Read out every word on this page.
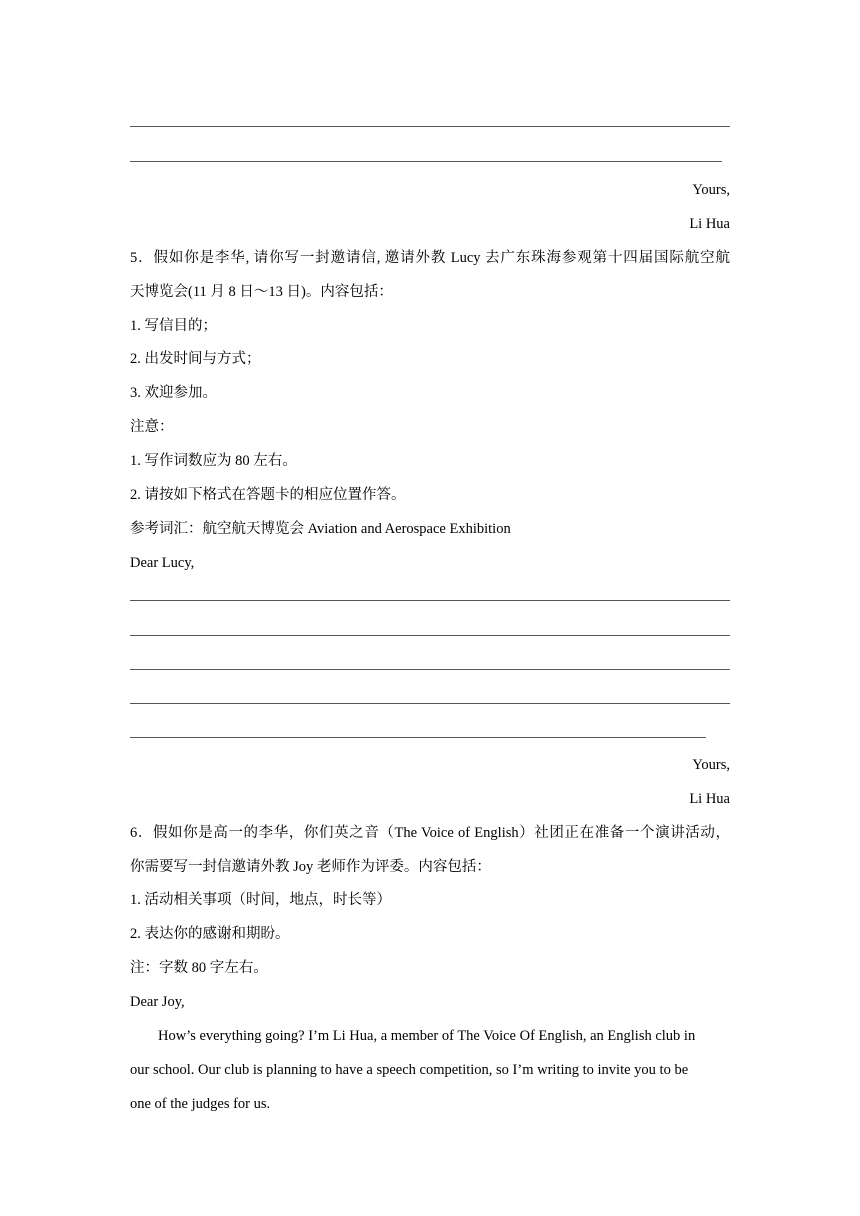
Yours,
Li Hua
5．假如你是李华, 请你写一封邀请信, 邀请外教 Lucy 去广东珠海参观第十四届国际航空航
天博览会(11 月 8 日～13 日)。内容包括：
1. 写信目的；
2. 出发时间与方式；
3. 欢迎参加。
注意：
1. 写作词数应为 80 左右。
2. 请按如下格式在答题卡的相应位置作答。
参考词汇：航空航天博览会 Aviation and Aerospace Exhibition
Dear Lucy,
Yours,
Li Hua
6．假如你是高一的李华，你们英之音（The Voice of English）社团正在准备一个演讲活动，
你需要写一封信邀请外教 Joy 老师作为评委。内容包括：
1. 活动相关事项（时间，地点，时长等）
2. 表达你的感谢和期盼。
注：字数 80 字左右。
Dear Joy,
How’s everything going? I’m Li Hua, a member of The Voice Of English, an English club in
our school. Our club is planning to have a speech competition, so I’m writing to invite you to be
one of the judges for us.
